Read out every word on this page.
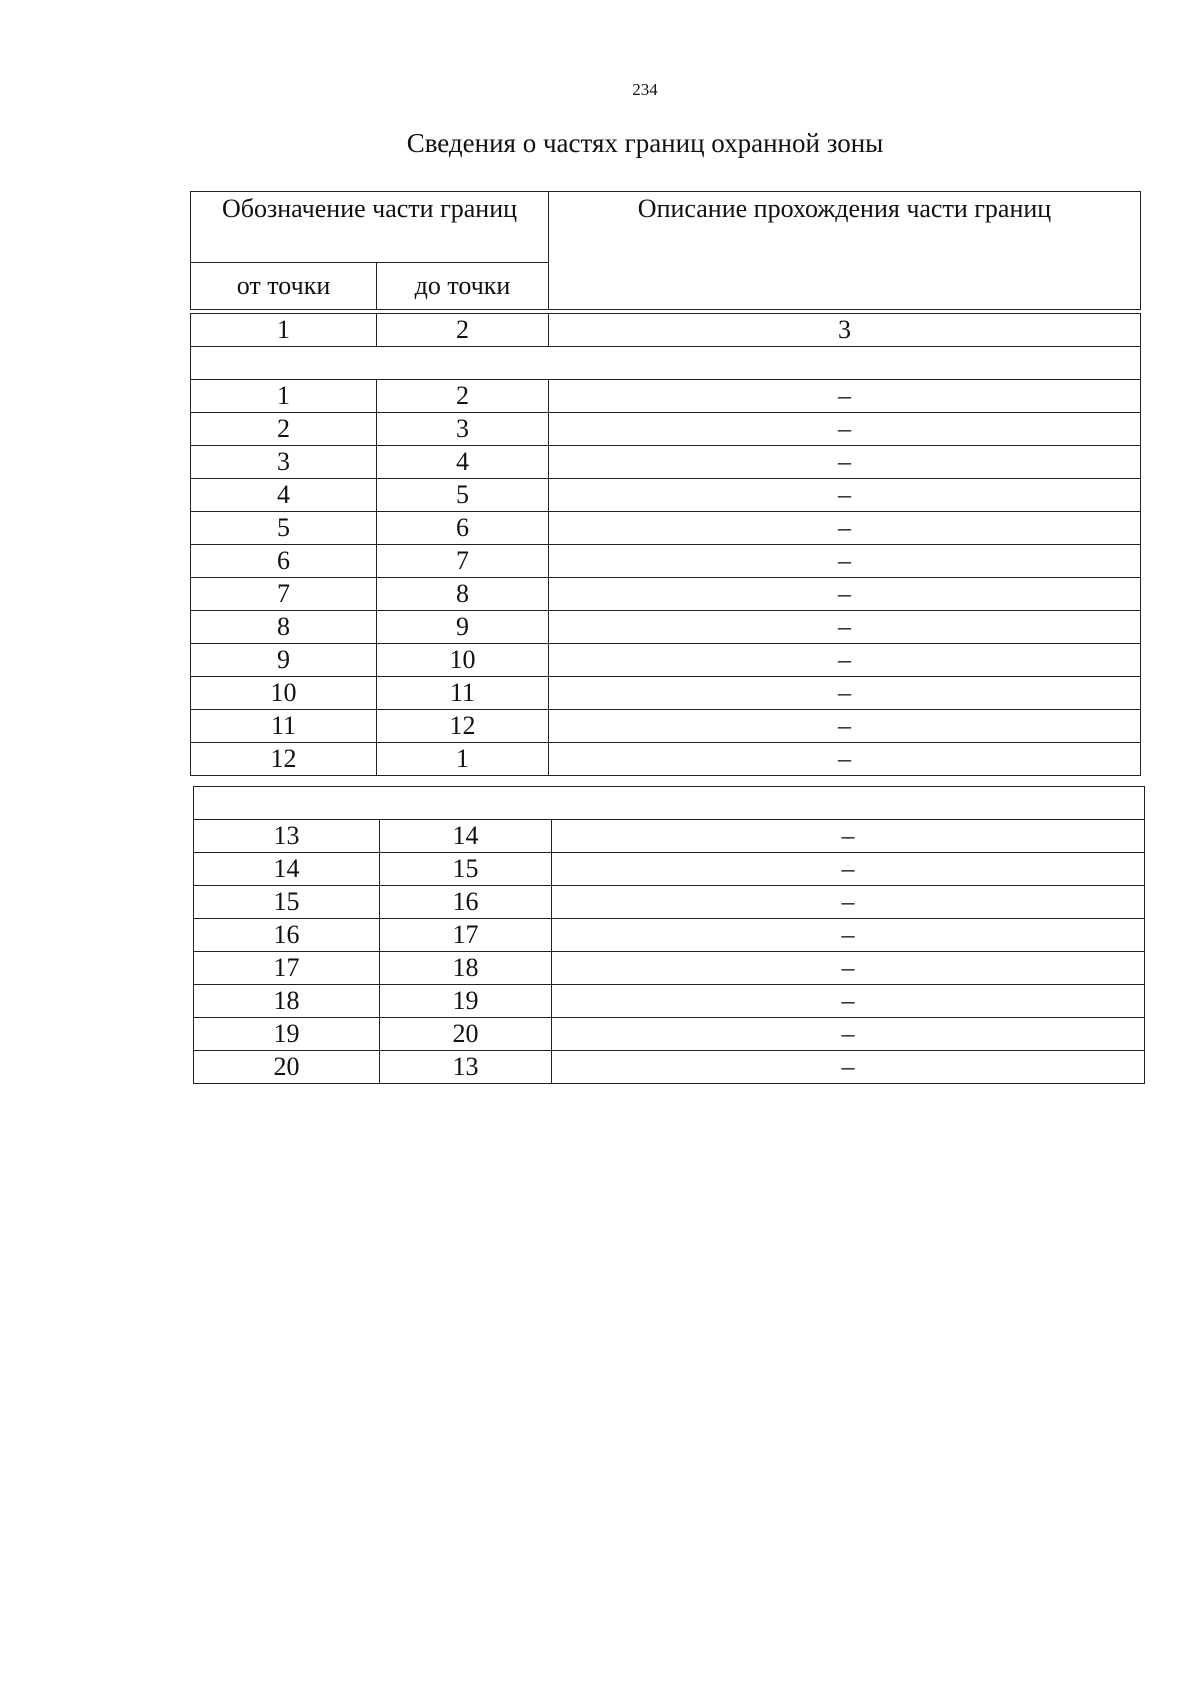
234
Сведения о частях границ охранной зоны
Обозначение части границ		Описание прохождения части границ
от точки	до точки	
1	2	3

1	2	–
2	3	–
3	4	–
4	5	–
5	6	–
6	7	–
7	8	–
8	9	–
9	10	–
10	11	–
11	12	–
12	1	–

13	14	–
14	15	–
15	16	–
16	17	–
17	18	–
18	19	–
19	20	–
20	13	–
